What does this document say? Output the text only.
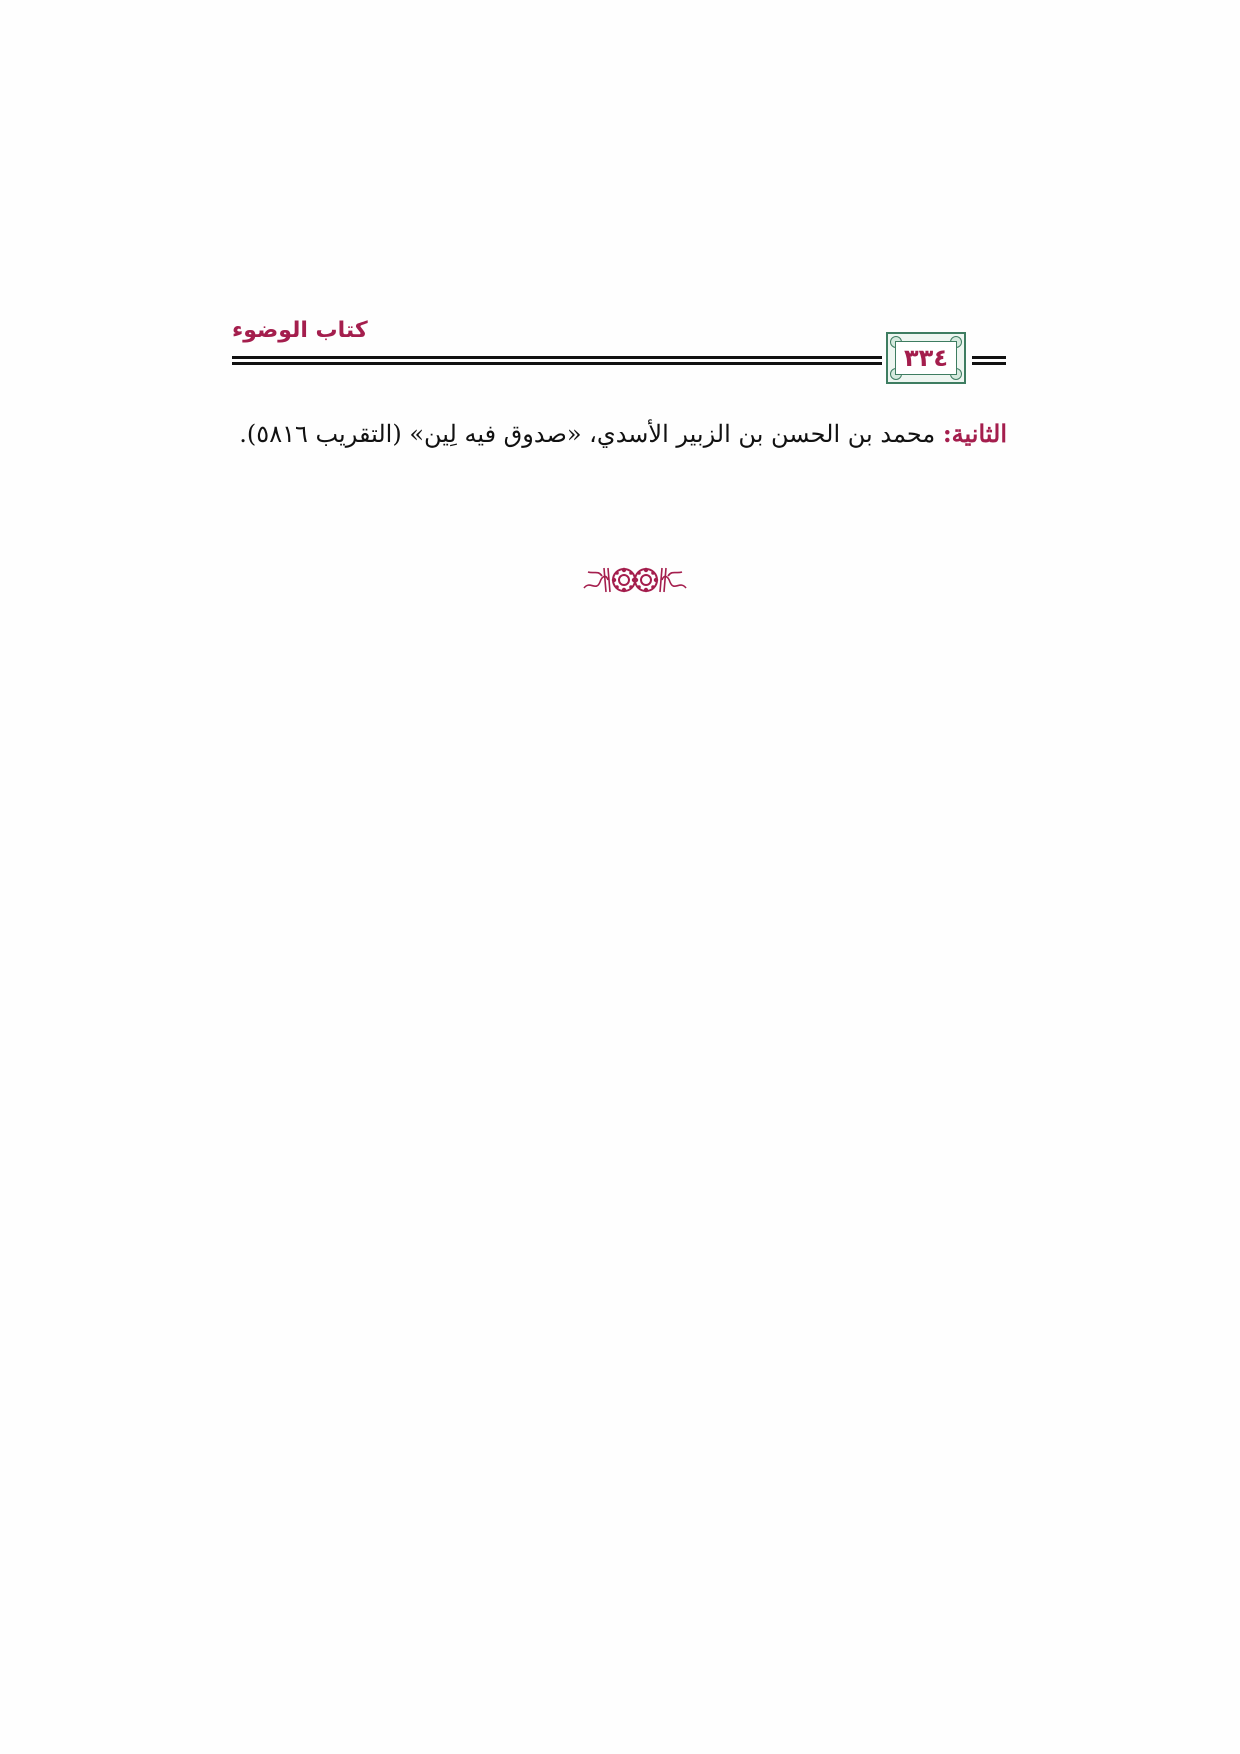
كتاب الوضوء
٣٣٤
الثانية: محمد بن الحسن بن الزبير الأسدي، «صدوق فيه لِين» (التقريب ٥٨١٦).
